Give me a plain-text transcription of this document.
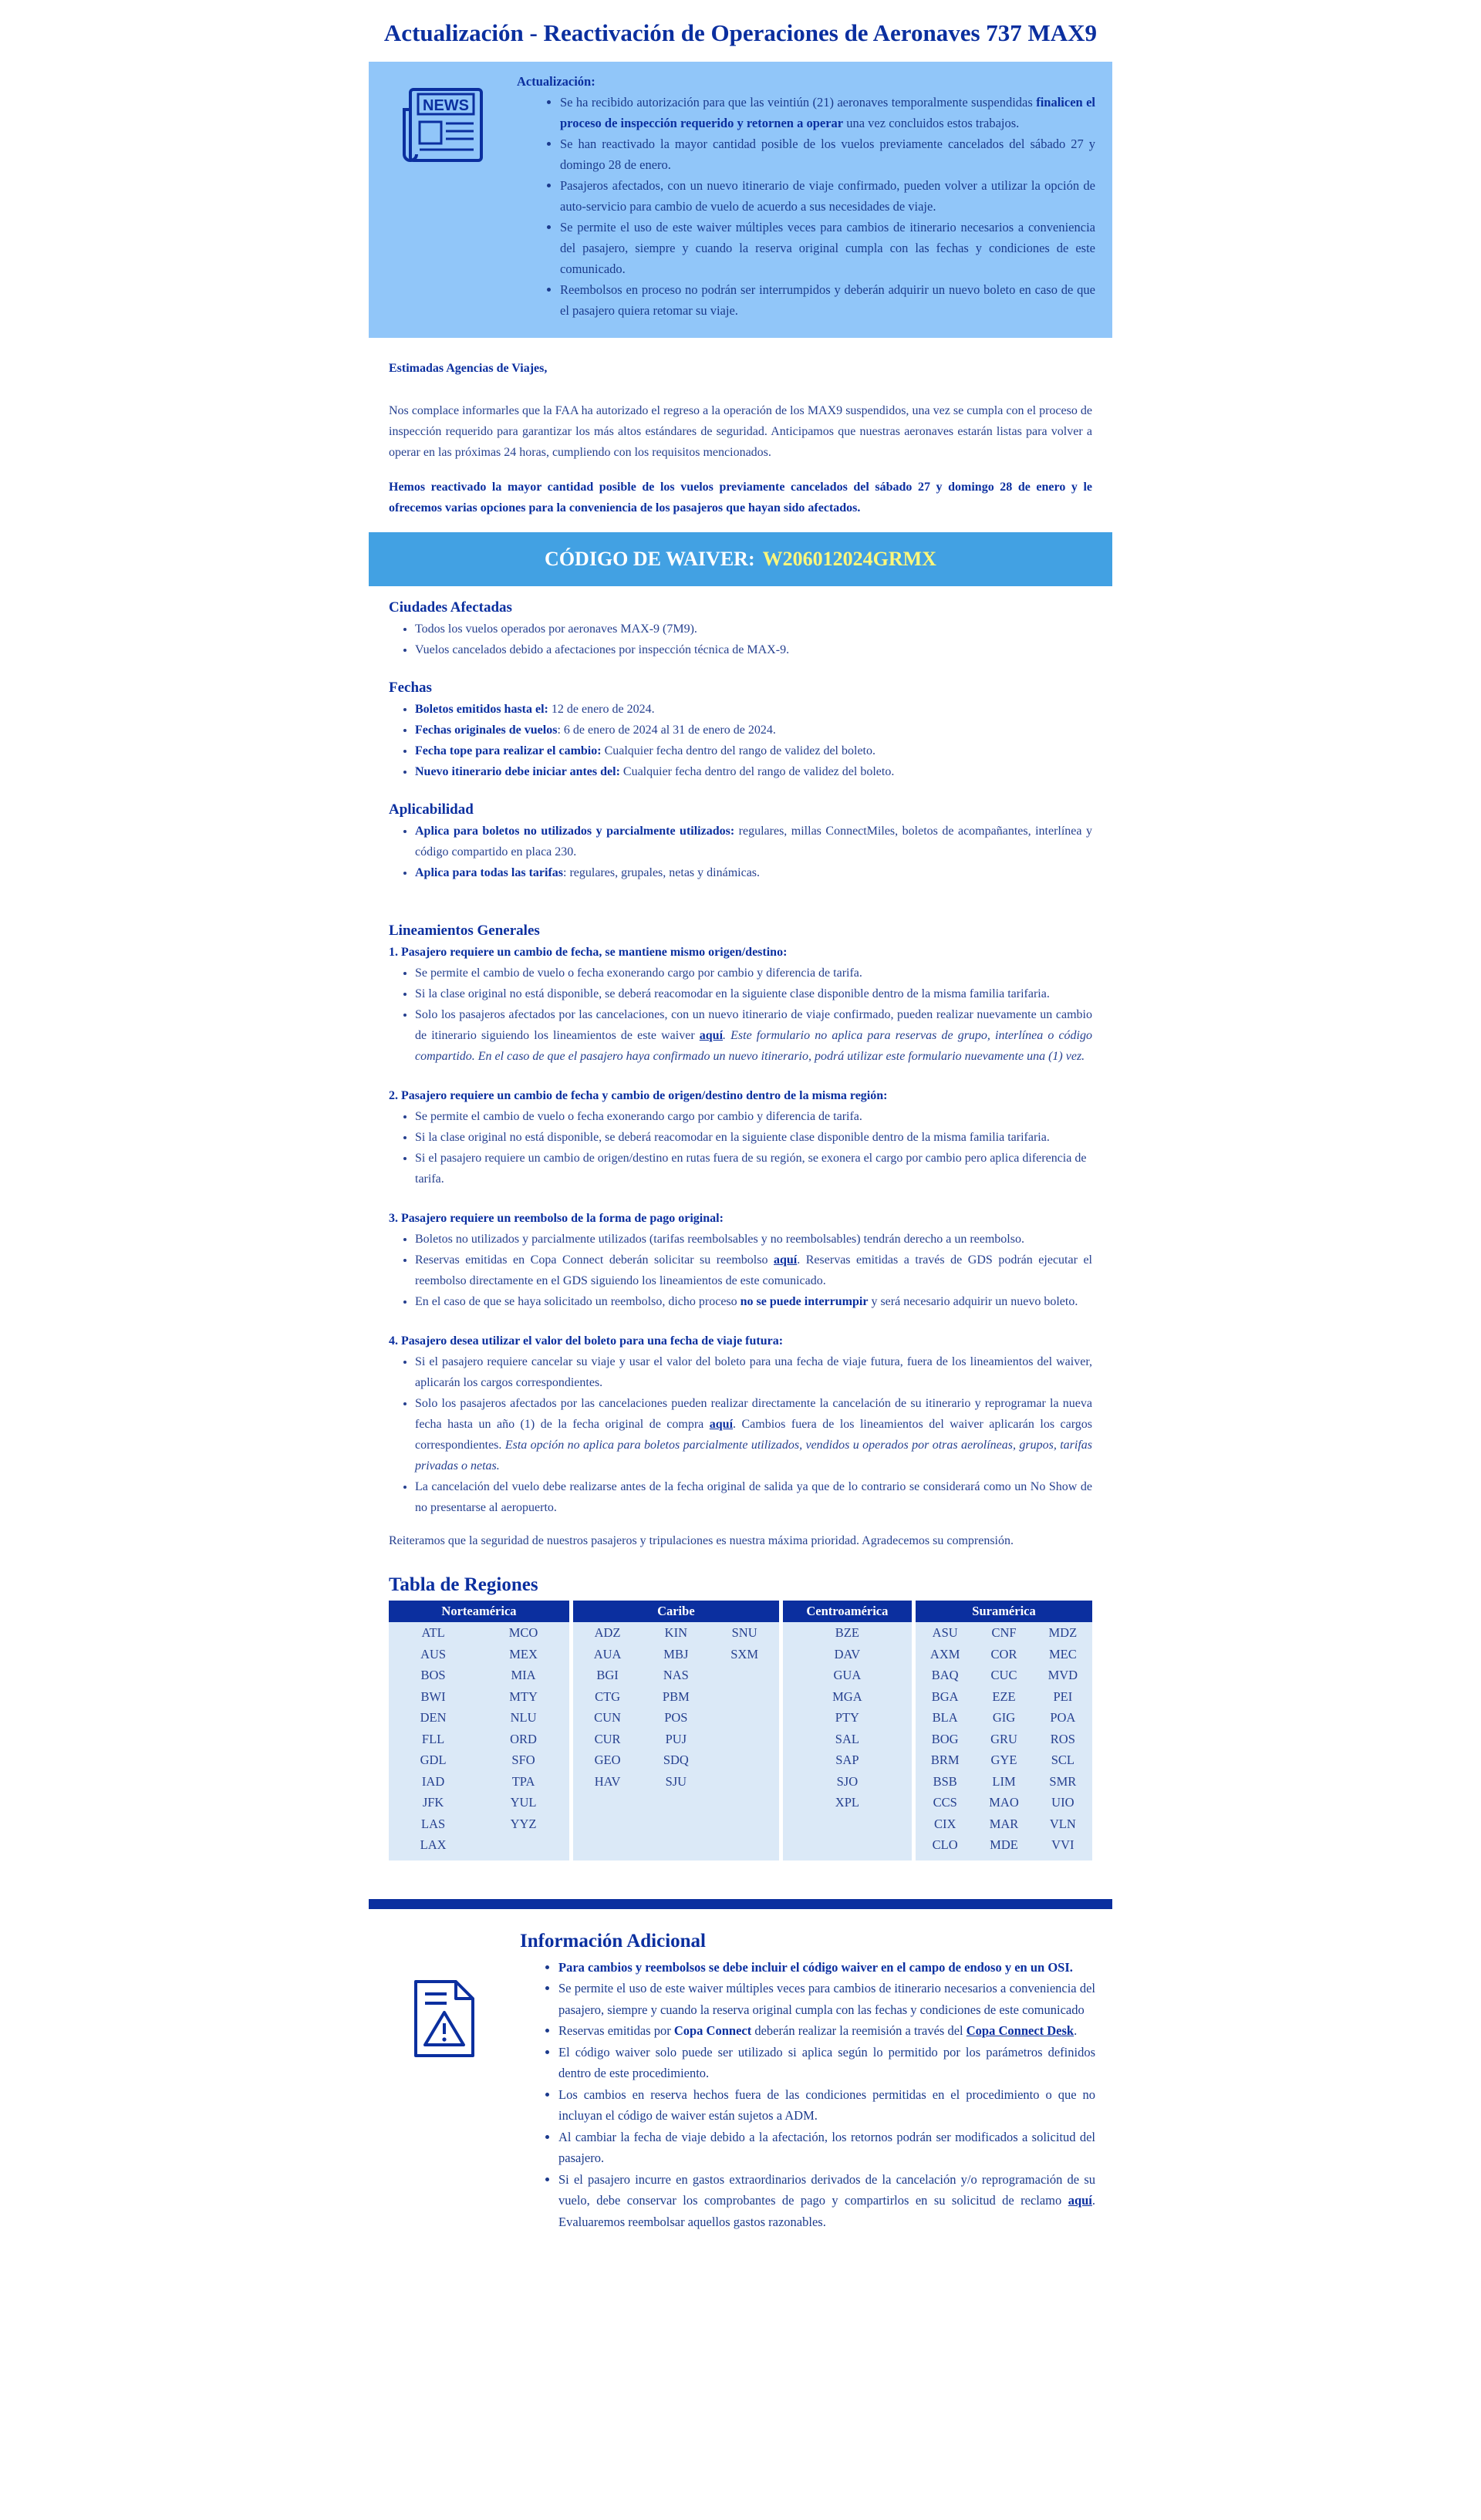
Actualización - Reactivación de Operaciones de Aeronaves 737 MAX9
NEWS
Actualización:
• Se ha recibido autorización para que las veintiún (21) aeronaves temporalmente suspendidas finalicen el proceso de inspección requerido y retornen a operar una vez concluidos estos trabajos.
• Se han reactivado la mayor cantidad posible de los vuelos previamente cancelados del sábado 27 y domingo 28 de enero.
• Pasajeros afectados, con un nuevo itinerario de viaje confirmado, pueden volver a utilizar la opción de auto-servicio para cambio de vuelo de acuerdo a sus necesidades de viaje.
• Se permite el uso de este waiver múltiples veces para cambios de itinerario necesarios a conveniencia del pasajero, siempre y cuando la reserva original cumpla con las fechas y condiciones de este comunicado.
• Reembolsos en proceso no podrán ser interrumpidos y deberán adquirir un nuevo boleto en caso de que el pasajero quiera retomar su viaje.

Estimadas Agencias de Viajes,

Nos complace informarles que la FAA ha autorizado el regreso a la operación de los MAX9 suspendidos, una vez se cumpla con el proceso de inspección requerido para garantizar los más altos estándares de seguridad. Anticipamos que nuestras aeronaves estarán listas para volver a operar en las próximas 24 horas, cumpliendo con los requisitos mencionados.

Hemos reactivado la mayor cantidad posible de los vuelos previamente cancelados del sábado 27 y domingo 28 de enero y le ofrecemos varias opciones para la conveniencia de los pasajeros que hayan sido afectados.

CÓDIGO DE WAIVER: W206012024GRMX
Ciudades Afectadas
• Todos los vuelos operados por aeronaves MAX-9 (7M9).
• Vuelos cancelados debido a afectaciones por inspección técnica de MAX-9.
Fechas
• Boletos emitidos hasta el: 12 de enero de 2024.
• Fechas originales de vuelos: 6 de enero de 2024 al 31 de enero de 2024.
• Fecha tope para realizar el cambio: Cualquier fecha dentro del rango de validez del boleto.
• Nuevo itinerario debe iniciar antes del: Cualquier fecha dentro del rango de validez del boleto.
Aplicabilidad
• Aplica para boletos no utilizados y parcialmente utilizados: regulares, millas ConnectMiles, boletos de acompañantes, interlínea y código compartido en placa 230.
• Aplica para todas las tarifas: regulares, grupales, netas y dinámicas.
Lineamientos Generales

1. Pasajero requiere un cambio de fecha, se mantiene mismo origen/destino:

• Se permite el cambio de vuelo o fecha exonerando cargo por cambio y diferencia de tarifa.
• Si la clase original no está disponible, se deberá reacomodar en la siguiente clase disponible dentro de la misma familia tarifaria.
• Solo los pasajeros afectados por las cancelaciones, con un nuevo itinerario de viaje confirmado, pueden realizar nuevamente un cambio de itinerario siguiendo los lineamientos de este waiver aquí. Este formulario no aplica para reservas de grupo, interlínea o código compartido. En el caso de que el pasajero haya confirmado un nuevo itinerario, podrá utilizar este formulario nuevamente una (1) vez.

2. Pasajero requiere un cambio de fecha y cambio de origen/destino dentro de la misma región:

• Se permite el cambio de vuelo o fecha exonerando cargo por cambio y diferencia de tarifa.
• Si la clase original no está disponible, se deberá reacomodar en la siguiente clase disponible dentro de la misma familia tarifaria.
• Si el pasajero requiere un cambio de origen/destino en rutas fuera de su región, se exonera el cargo por cambio pero aplica diferencia de tarifa.

3. Pasajero requiere un reembolso de la forma de pago original:

• Boletos no utilizados y parcialmente utilizados (tarifas reembolsables y no reembolsables) tendrán derecho a un reembolso.
• Reservas emitidas en Copa Connect deberán solicitar su reembolso aquí. Reservas emitidas a través de GDS podrán ejecutar el reembolso directamente en el GDS siguiendo los lineamientos de este comunicado.
• En el caso de que se haya solicitado un reembolso, dicho proceso no se puede interrumpir y será necesario adquirir un nuevo boleto.

4. Pasajero desea utilizar el valor del boleto para una fecha de viaje futura:

• Si el pasajero requiere cancelar su viaje y usar el valor del boleto para una fecha de viaje futura, fuera de los lineamientos del waiver, aplicarán los cargos correspondientes.
• Solo los pasajeros afectados por las cancelaciones pueden realizar directamente la cancelación de su itinerario y reprogramar la nueva fecha hasta un año (1) de la fecha original de compra aquí. Cambios fuera de los lineamientos del waiver aplicarán los cargos correspondientes. Esta opción no aplica para boletos parcialmente utilizados, vendidos u operados por otras aerolíneas, grupos, tarifas privadas o netas.
• La cancelación del vuelo debe realizarse antes de la fecha original de salida ya que de lo contrario se considerará como un No Show de no presentarse al aeropuerto.

Reiteramos que la seguridad de nuestros pasajeros y tripulaciones es nuestra máxima prioridad. Agradecemos su comprensión.

Tabla de Regiones
Norteamérica
ATL
AUS
BOS
BWI
DEN
FLL
GDL
IAD
JFK
LAS
LAX
MCO
MEX
MIA
MTY
NLU
ORD
SFO
TPA
YUL
YYZ
Caribe
ADZ
AUA
BGI
CTG
CUN
CUR
GEO
HAV
KIN
MBJ
NAS
PBM
POS
PUJ
SDQ
SJU
SNU
SXM
Centroamérica
BZE
DAV
GUA
MGA
PTY
SAL
SAP
SJO
XPL
Suramérica
ASU
AXM
BAQ
BGA
BLA
BOG
BRM
BSB
CCS
CIX
CLO
CNF
COR
CUC
EZE
GIG
GRU
GYE
LIM
MAO
MAR
MDE
MDZ
MEC
MVD
PEI
POA
ROS
SCL
SMR
UIO
VLN
VVI
Información Adicional
• Para cambios y reembolsos se debe incluir el código waiver en el campo de endoso y en un OSI.
• Se permite el uso de este waiver múltiples veces para cambios de itinerario necesarios a conveniencia del pasajero, siempre y cuando la reserva original cumpla con las fechas y condiciones de este comunicado
• Reservas emitidas por Copa Connect deberán realizar la reemisión a través del Copa Connect Desk.
• El código waiver solo puede ser utilizado si aplica según lo permitido por los parámetros definidos dentro de este procedimiento.
• Los cambios en reserva hechos fuera de las condiciones permitidas en el procedimiento o que no incluyan el código de waiver están sujetos a ADM.
• Al cambiar la fecha de viaje debido a la afectación, los retornos podrán ser modificados a solicitud del pasajero.
• Si el pasajero incurre en gastos extraordinarios derivados de la cancelación y/o reprogramación de su vuelo, debe conservar los comprobantes de pago y compartirlos en su solicitud de reclamo aquí. Evaluaremos reembolsar aquellos gastos razonables.
